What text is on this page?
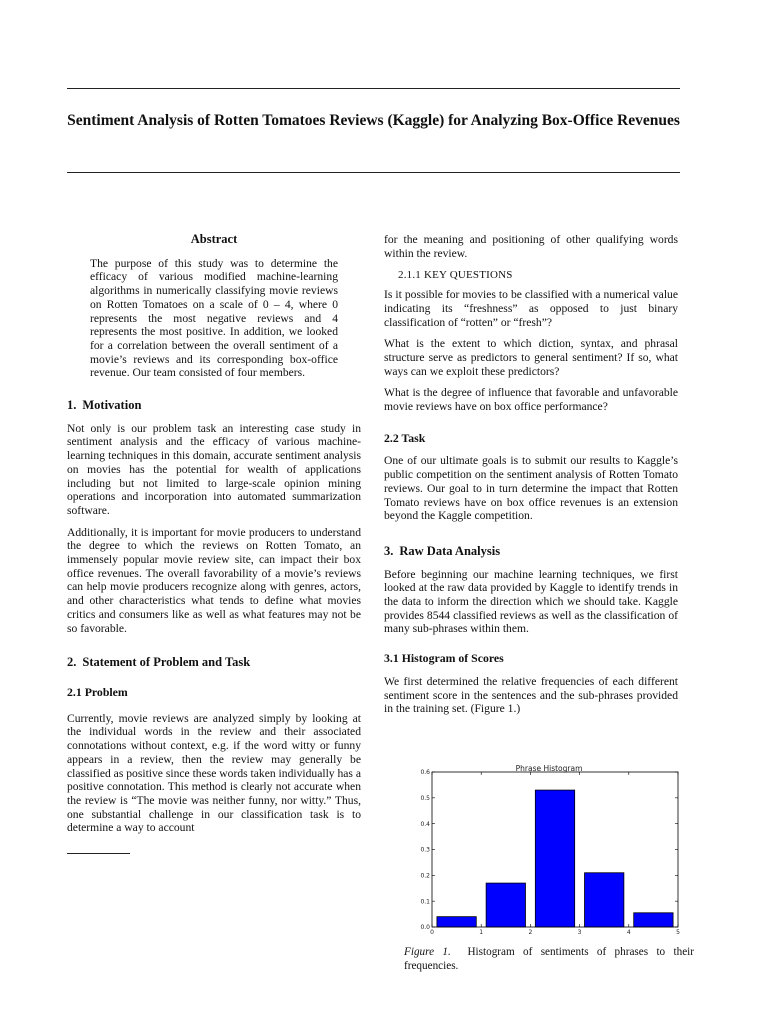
Sentiment Analysis of Rotten Tomatoes Reviews (Kaggle) for Analyzing Box-Office Revenues
Abstract

The purpose of this study was to determine the efficacy of various modified machine-learning algorithms in numerically classifying movie reviews on Rotten Tomatoes on a scale of 0 – 4, where 0 represents the most negative reviews and 4 represents the most positive. In addition, we looked for a correlation between the overall sentiment of a movie’s reviews and its corresponding box-office revenue. Our team consisted of four members.

1. Motivation

Not only is our problem task an interesting case study in sentiment analysis and the efficacy of various machine-learning techniques in this domain, accurate sentiment analysis on movies has the potential for wealth of applications including but not limited to large-scale opinion mining operations and incorporation into automated summarization software.

Additionally, it is important for movie producers to understand the degree to which the reviews on Rotten Tomato, an immensely popular movie review site, can impact their box office revenues. The overall favorability of a movie’s reviews can help movie producers recognize along with genres, actors, and other characteristics what tends to define what movies critics and consumers like as well as what features may not be so favorable.

2. Statement of Problem and Task
2.1 Problem

Currently, movie reviews are analyzed simply by looking at the individual words in the review and their associated connotations without context, e.g. if the word witty or funny appears in a review, then the review may generally be classified as positive since these words taken individually has a positive connotation. This method is clearly not accurate when the review is “The movie was neither funny, nor witty.” Thus, one substantial challenge in our classification task is to determine a way to account

for the meaning and positioning of other qualifying words within the review.

2.1.1 KEY QUESTIONS

Is it possible for movies to be classified with a numerical value indicating its “freshness” as opposed to just binary classification of “rotten” or “fresh”?

What is the extent to which diction, syntax, and phrasal structure serve as predictors to general sentiment? If so, what ways can we exploit these predictors?

What is the degree of influence that favorable and unfavorable movie reviews have on box office performance?

2.2 Task

One of our ultimate goals is to submit our results to Kaggle’s public competition on the sentiment analysis of Rotten Tomato reviews. Our goal to in turn determine the impact that Rotten Tomato reviews have on box office revenues is an extension beyond the Kaggle competition.

3. Raw Data Analysis

Before beginning our machine learning techniques, we first looked at the raw data provided by Kaggle to identify trends in the data to inform the direction which we should take. Kaggle provides 8544 classified reviews as well as the classification of many sub-phrases within them.

3.1 Histogram of Scores

We first determined the relative frequencies of each different sentiment score in the sentences and the sub-phrases provided in the training set. (Figure 1.)

Phrase Histogram
0.0
0.1
0.2
0.3
0.4
0.5
0.6
0	1	2	3	4	5

Figure 1. Histogram of sentiments of phrases to their frequencies.
